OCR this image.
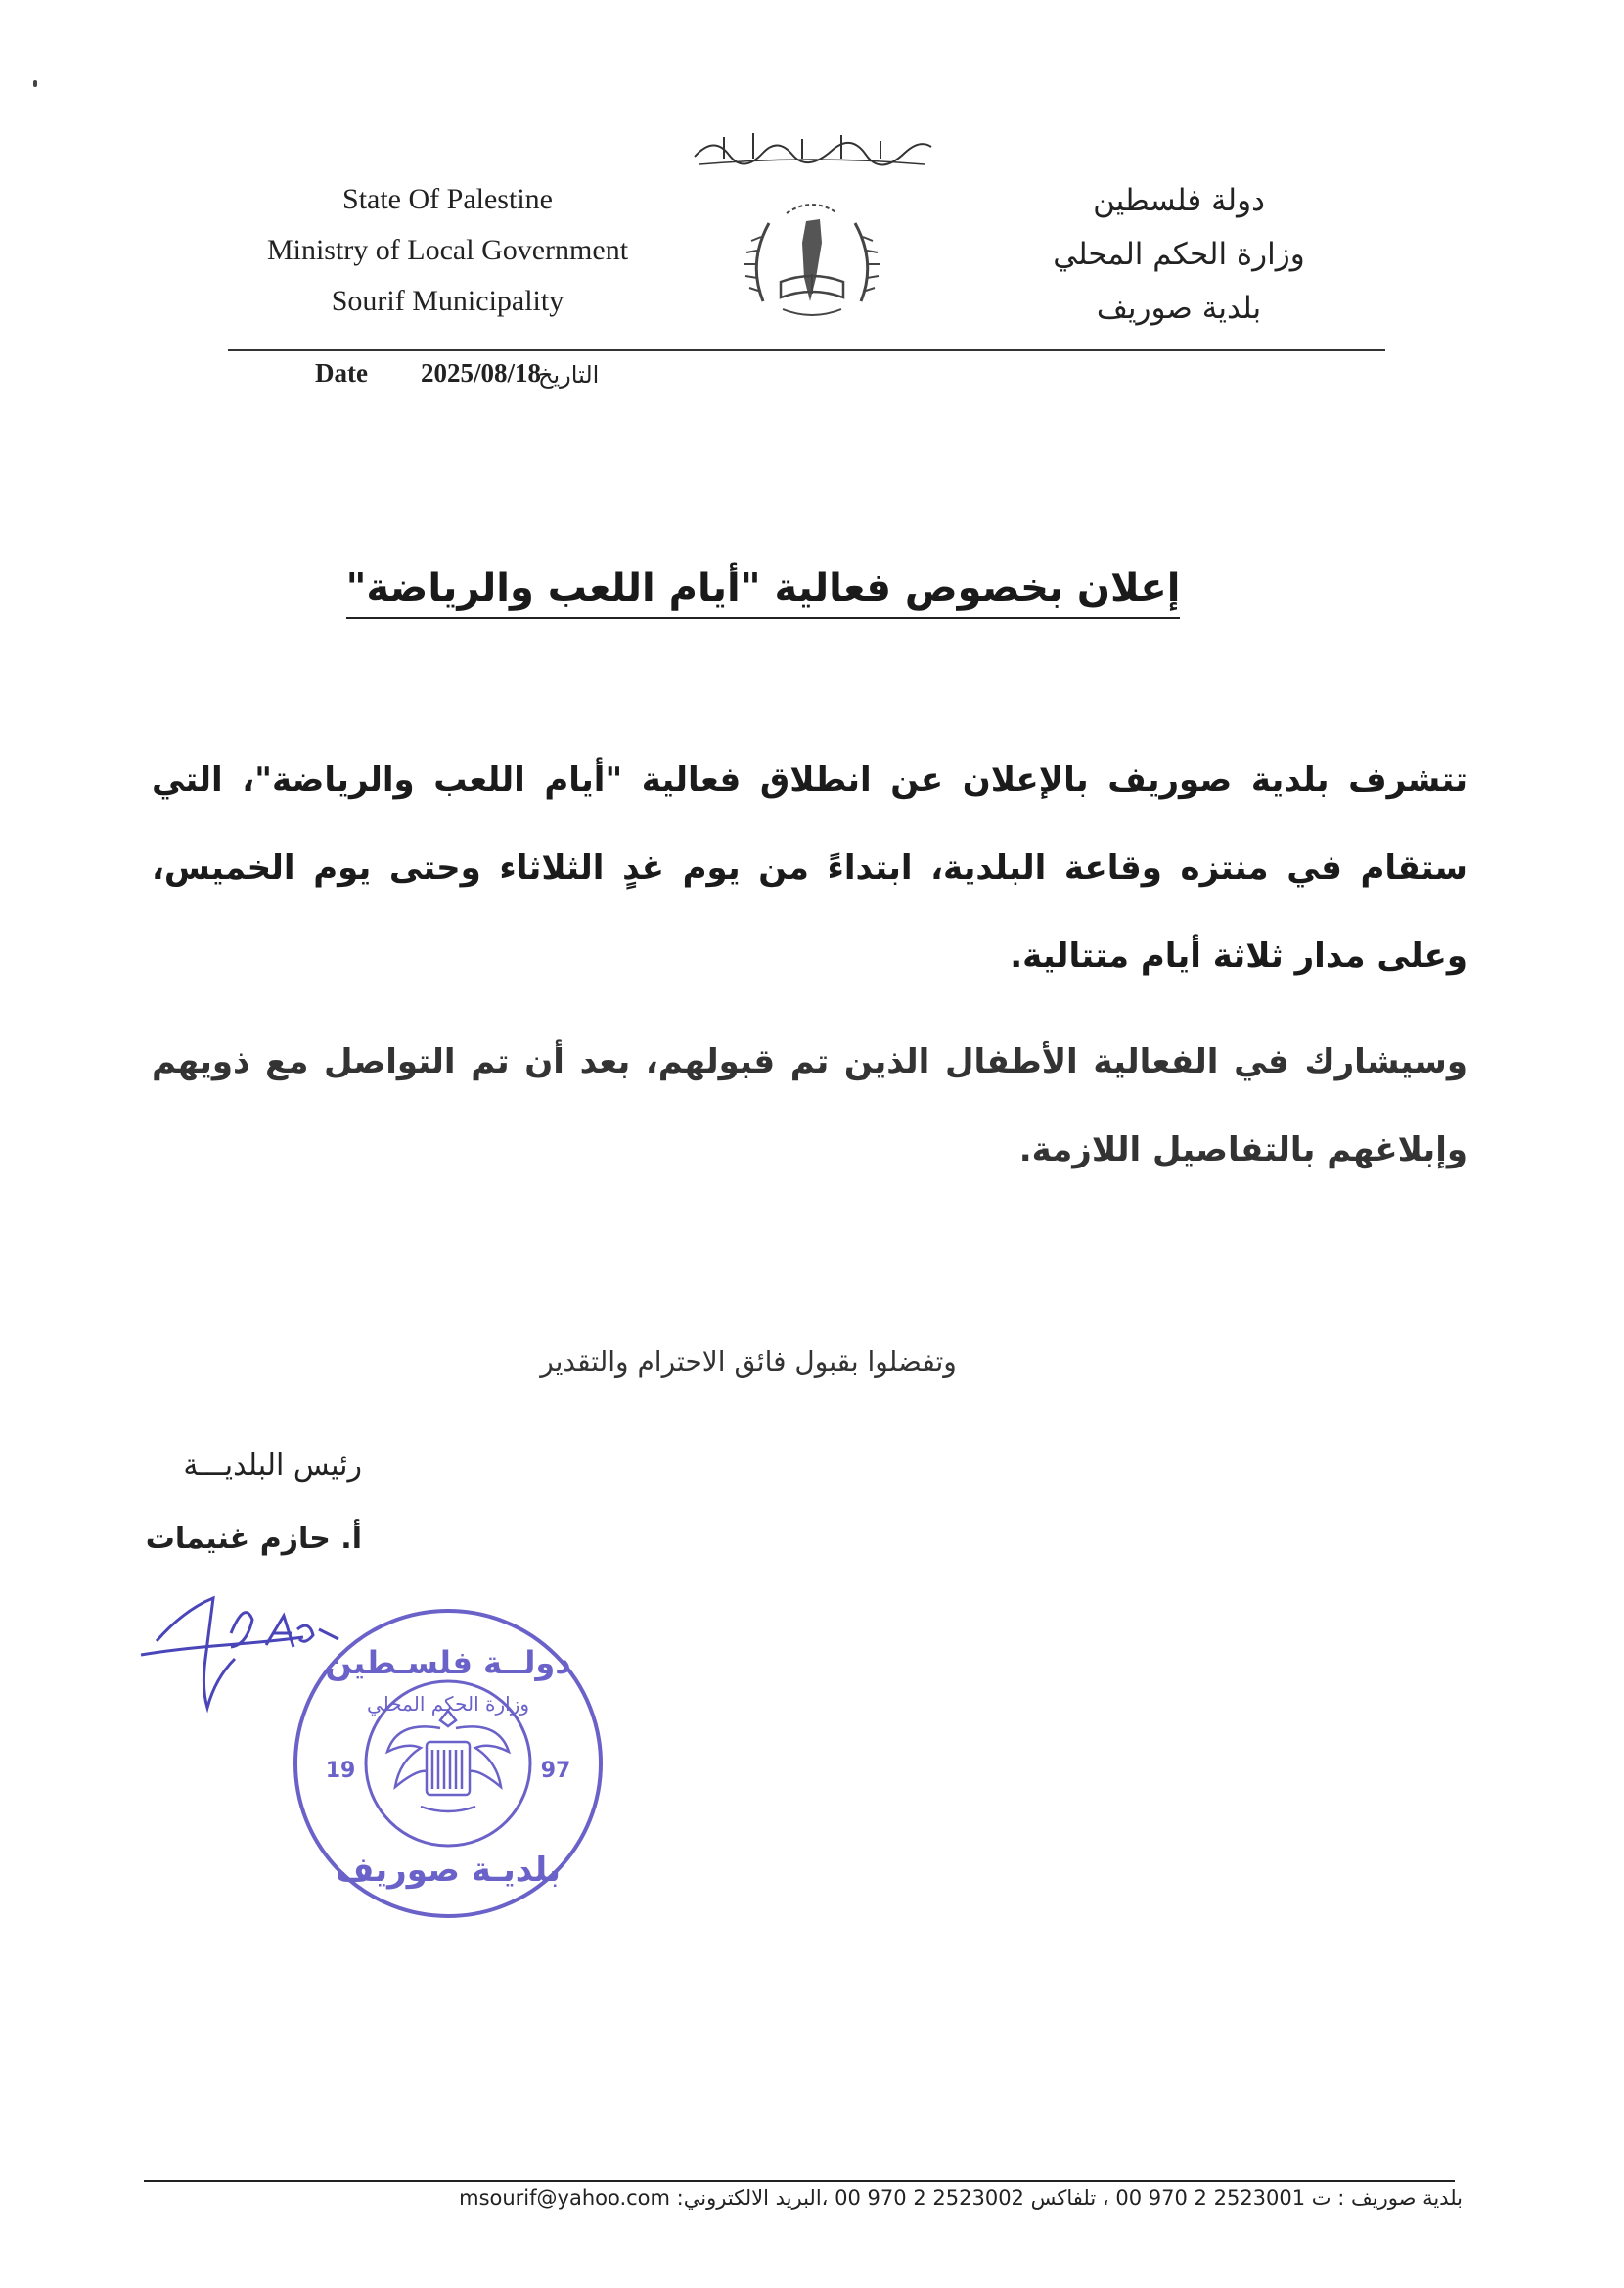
State Of Palestine
Ministry of Local Government
Sourif Municipality
دولة فلسطين
وزارة الحكم المحلي
بلدية صوريف
Date 2025/08/18
التاريخ
إعلان بخصوص فعالية "أيام اللعب والرياضة"
تتشرف بلدية صوريف بالإعلان عن انطلاق فعالية "أيام اللعب والرياضة"، التي ستقام في منتزه وقاعة البلدية، ابتداءً من يوم غدٍ الثلاثاء وحتى يوم الخميس، وعلى مدار ثلاثة أيام متتالية.
وسيشارك في الفعالية الأطفال الذين تم قبولهم، بعد أن تم التواصل مع ذويهم وإبلاغهم بالتفاصيل اللازمة.
وتفضلوا بقبول فائق الاحترام والتقدير
رئيس البلديـــة
أ. حازم غنيمات
دولــة فلسـطين
وزارة الحكم المحلي
19	97
بلديـة صوريف
بلدية صوريف : ت 2523001 2 970 00 ، تلفاكس 2523002 2 970 00 ،البريد الالكتروني: msourif@yahoo.com
